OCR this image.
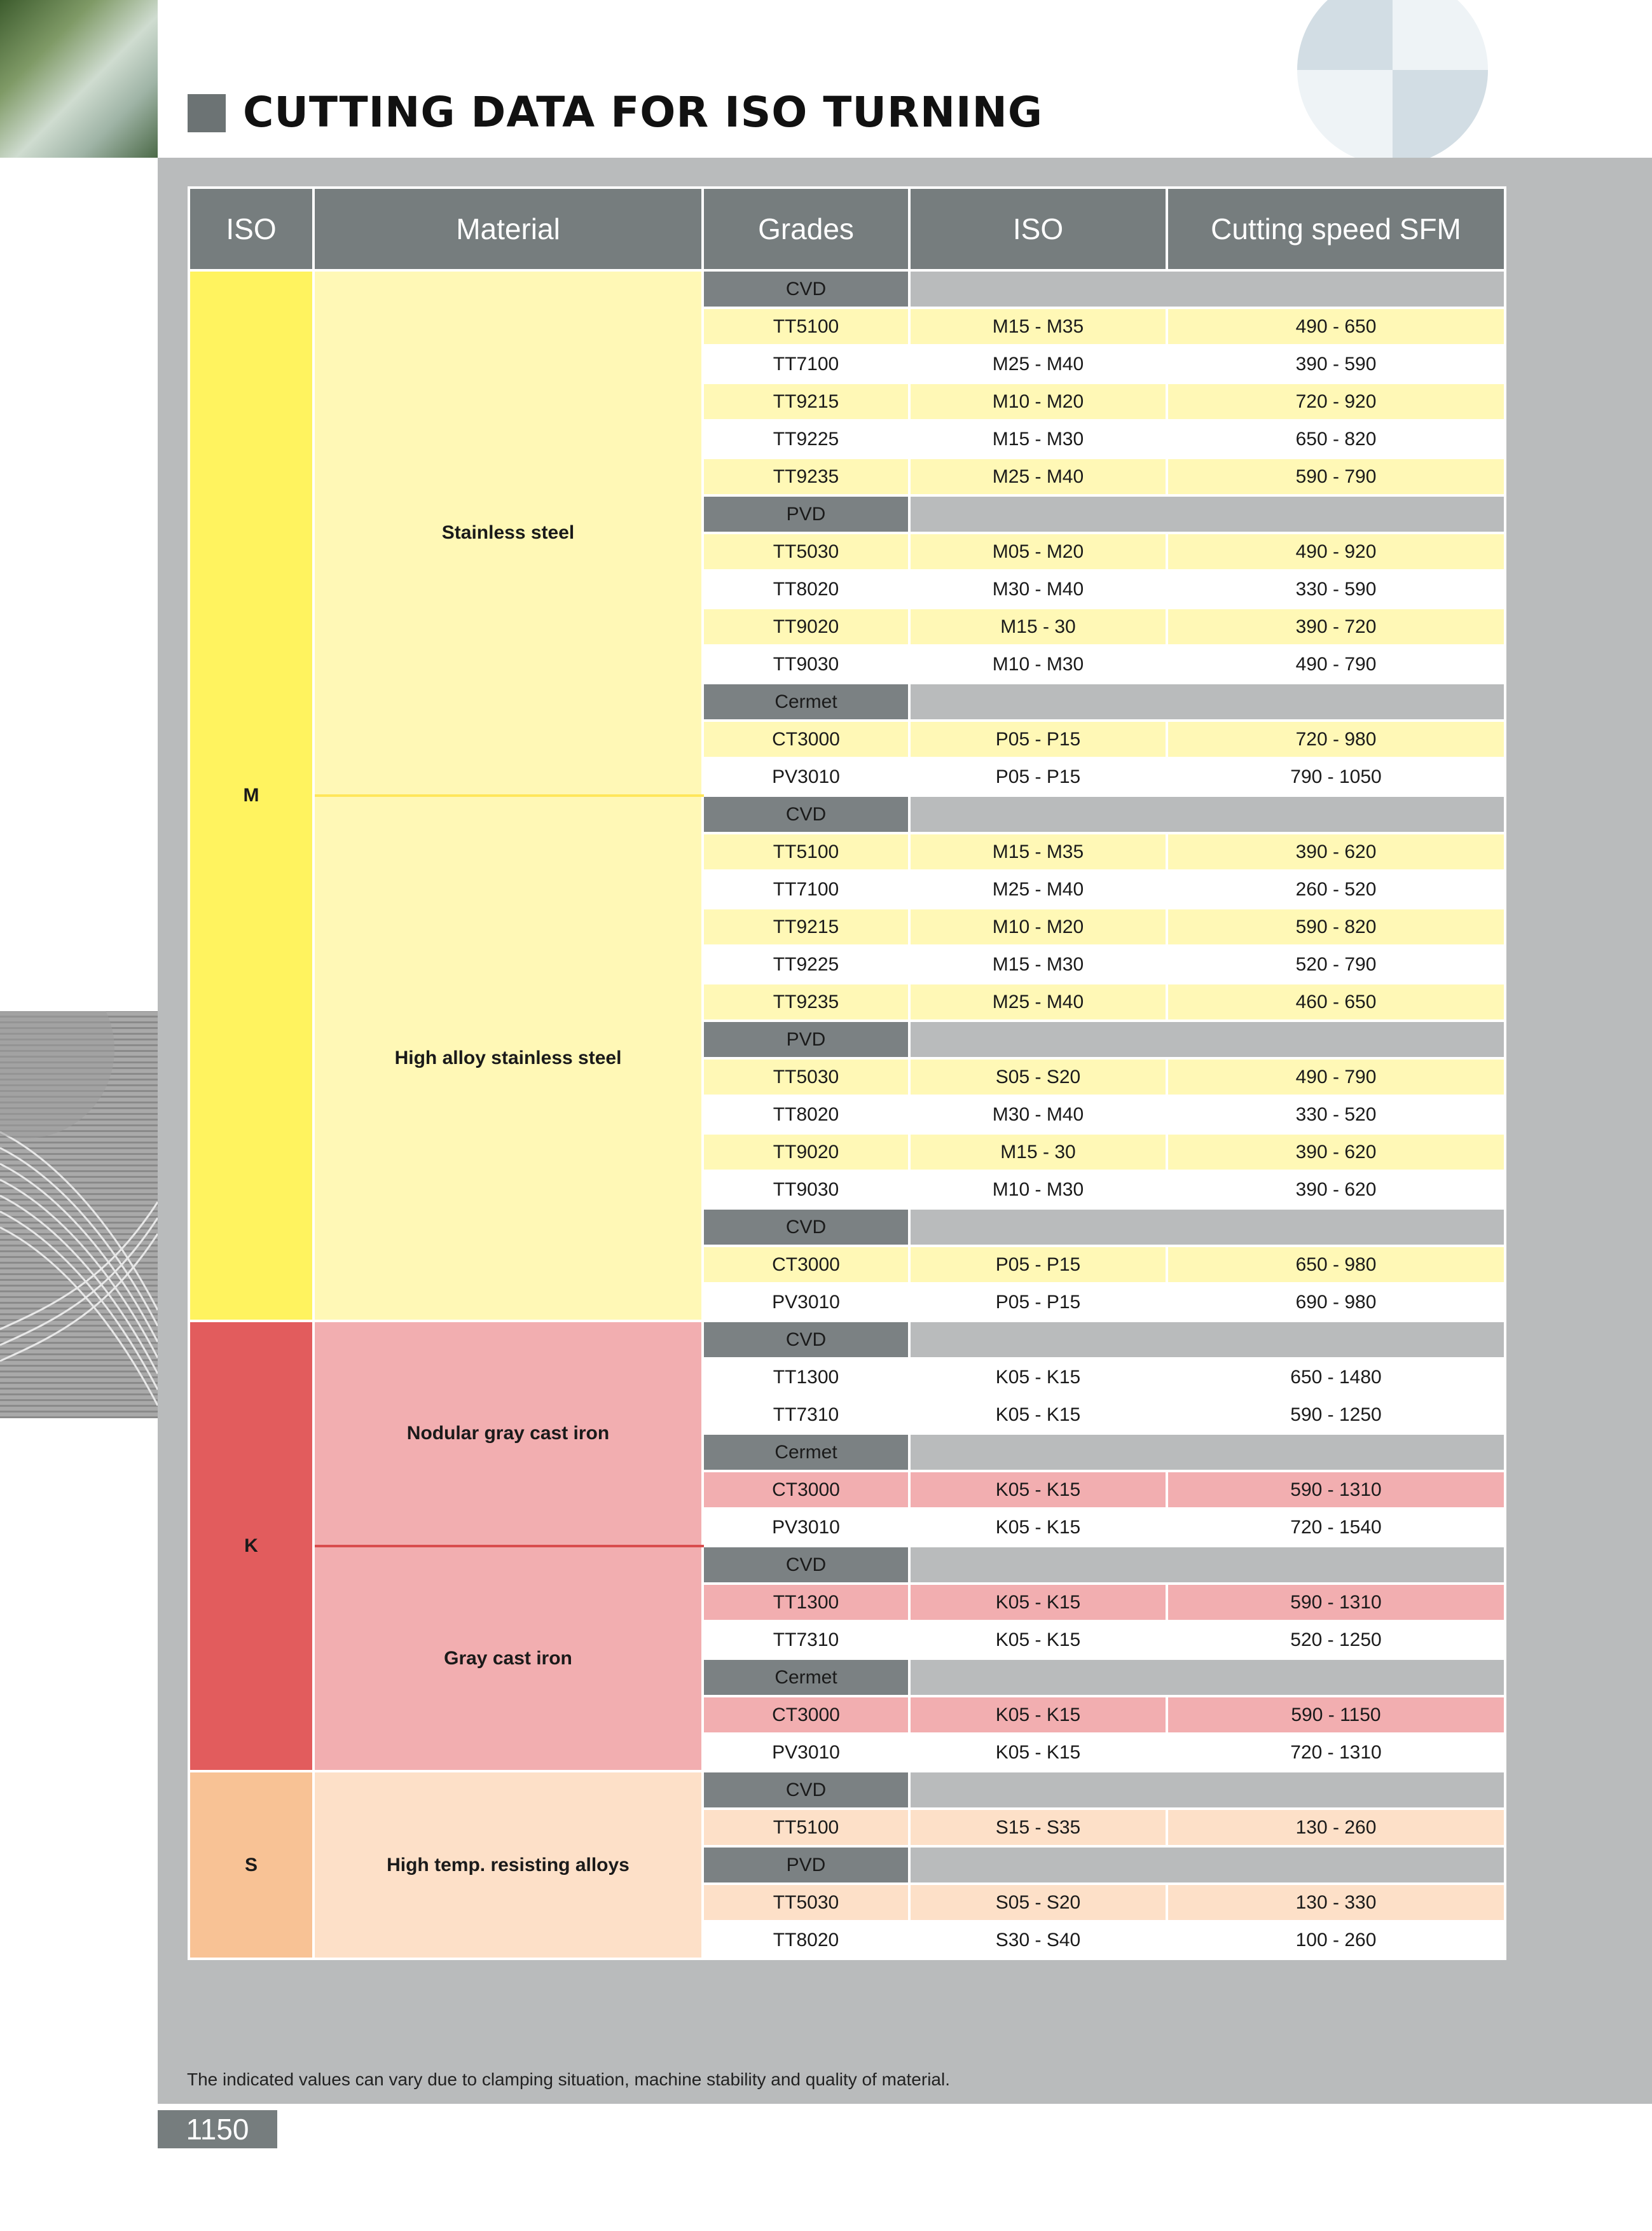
CUTTING DATA FOR ISO TURNING
ISO	Material	Grades	ISO	Cutting speed SFM
M	Stainless steel	CVD		
		TT5100	M15 - M35	490 - 650
		TT7100	M25 - M40	390 - 590
		TT9215	M10 - M20	720 - 920
		TT9225	M15 - M30	650 - 820
		TT9235	M25 - M40	590 - 790
		PVD		
		TT5030	M05 - M20	490 - 920
		TT8020	M30 - M40	330 - 590
		TT9020	M15 - 30	390 - 720
		TT9030	M10 - M30	490 - 790
		Cermet		
		CT3000	P05 - P15	720 - 980
		PV3010	P05 - P15	790 - 1050
	High alloy stainless steel	CVD		
		TT5100	M15 - M35	390 - 620
		TT7100	M25 - M40	260 - 520
		TT9215	M10 - M20	590 - 820
		TT9225	M15 - M30	520 - 790
		TT9235	M25 - M40	460 - 650
		PVD		
		TT5030	S05 - S20	490 - 790
		TT8020	M30 - M40	330 - 520
		TT9020	M15 - 30	390 - 620
		TT9030	M10 - M30	390 - 620
		CVD		
		CT3000	P05 - P15	650 - 980
		PV3010	P05 - P15	690 - 980
K	Nodular gray cast iron	CVD		
		TT1300	K05 - K15	650 - 1480
		TT7310	K05 - K15	590 - 1250
		Cermet		
		CT3000	K05 - K15	590 - 1310
		PV3010	K05 - K15	720 - 1540
	Gray cast iron	CVD		
		TT1300	K05 - K15	590 - 1310
		TT7310	K05 - K15	520 - 1250
		Cermet		
		CT3000	K05 - K15	590 - 1150
		PV3010	K05 - K15	720 - 1310
S	High temp. resisting alloys	CVD		
		TT5100	S15 - S35	130 - 260
		PVD		
		TT5030	S05 - S20	130 - 330
		TT8020	S30 - S40	100 - 260

The indicated values can vary due to clamping situation, machine stability and quality of material.

1150
